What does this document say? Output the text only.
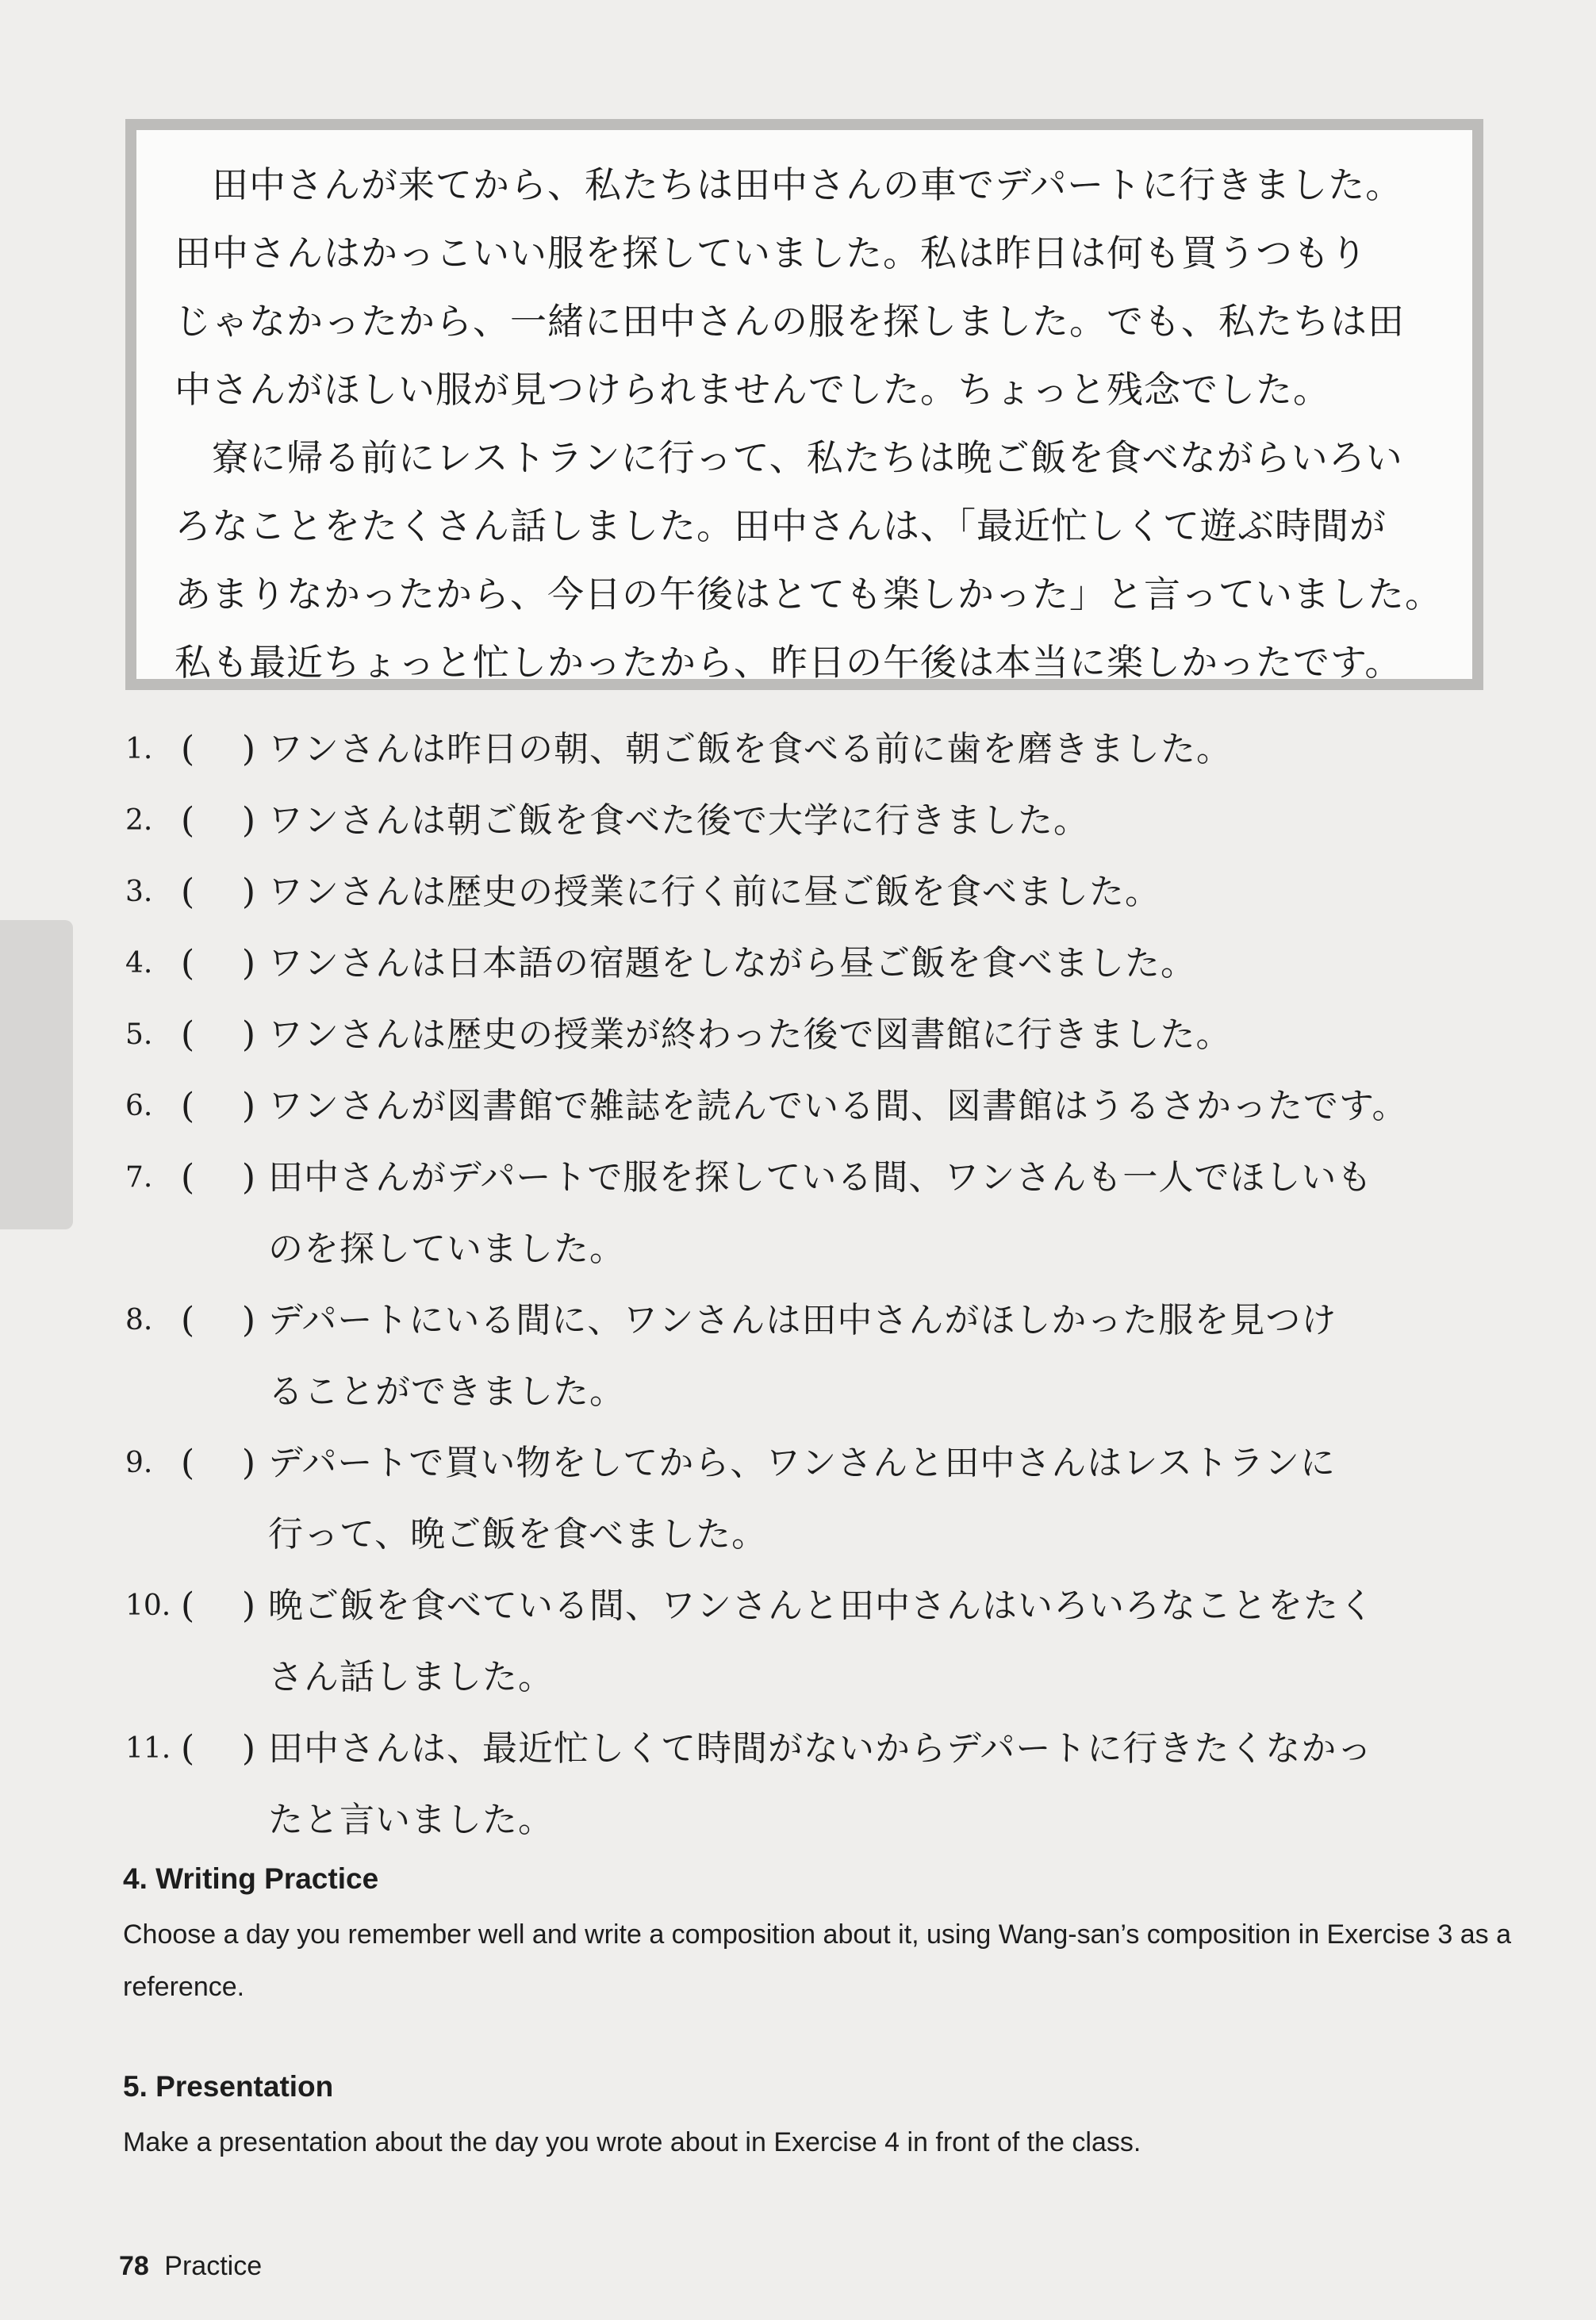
　田中さんが来てから、私たちは田中さんの車でデパートに行きました。
田中さんはかっこいい服を探していました。私は昨日は何も買うつもり
じゃなかったから、一緒に田中さんの服を探しました。でも、私たちは田
中さんがほしい服が見つけられませんでした。ちょっと残念でした。
　寮に帰る前にレストランに行って、私たちは晩ご飯を食べながらいろい
ろなことをたくさん話しました。田中さんは、「最近忙しくて遊ぶ時間が
あまりなかったから、今日の午後はとても楽しかった」と言っていました。
私も最近ちょっと忙しかったから、昨日の午後は本当に楽しかったです。
1. ( ) ワンさんは昨日の朝、朝ご飯を食べる前に歯を磨きました。
2. ( ) ワンさんは朝ご飯を食べた後で大学に行きました。
3. ( ) ワンさんは歴史の授業に行く前に昼ご飯を食べました。
4. ( ) ワンさんは日本語の宿題をしながら昼ご飯を食べました。
5. ( ) ワンさんは歴史の授業が終わった後で図書館に行きました。
6. ( ) ワンさんが図書館で雑誌を読んでいる間、図書館はうるさかったです。
7. ( ) 田中さんがデパートで服を探している間、ワンさんも一人でほしいも
のを探していました。
8. ( ) デパートにいる間に、ワンさんは田中さんがほしかった服を見つけ
ることができました。
9. ( ) デパートで買い物をしてから、ワンさんと田中さんはレストランに
行って、晩ご飯を食べました。
10. ( ) 晩ご飯を食べている間、ワンさんと田中さんはいろいろなことをたく
さん話しました。
11. ( ) 田中さんは、最近忙しくて時間がないからデパートに行きたくなかっ
たと言いました。
4. Writing Practice
Choose a day you remember well and write a composition about it, using Wang-san’s composition in Exercise 3 as a reference.
5. Presentation
Make a presentation about the day you wrote about in Exercise 4 in front of the class.
78 Practice
